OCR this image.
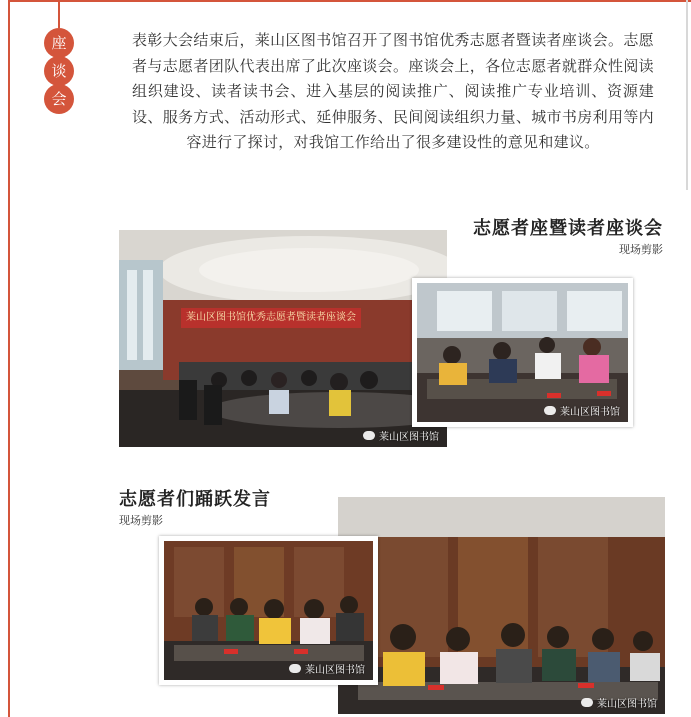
座
谈
会
表彰大会结束后，莱山区图书馆召开了图书馆优秀志愿者暨读者座谈会。志愿者与志愿者团队代表出席了此次座谈会。座谈会上，各位志愿者就群众性阅读组织建设、读者读书会、进入基层的阅读推广、阅读推广专业培训、资源建设、服务方式、活动形式、延伸服务、民间阅读组织力量、城市书房利用等内容进行了探讨，对我馆工作给出了很多建设性的意见和建议。
志愿者座暨读者座谈会
现场剪影
莱山区图书馆优秀志愿者暨读者座谈会
莱山区图书馆
莱山区图书馆
志愿者们踊跃发言
现场剪影
莱山区图书馆
莱山区图书馆
